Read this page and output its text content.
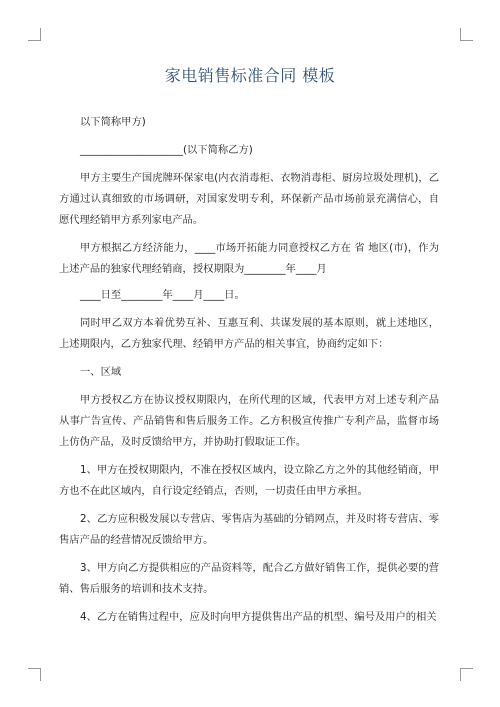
家电销售标准合同 模板

以下简称甲方)

____________________(以下简称乙方)

甲方主要生产国虎牌环保家电(内衣消毒柜、衣物消毒柜、厨房垃圾处理机)，乙方通过认真细致的市场调研，对国家发明专利，环保新产品市场前景充满信心，自愿代理经销甲方系列家电产品。

甲方根据乙方经济能力，____市场开拓能力同意授权乙方在 省 地区(市)，作为上述产品的独家代理经销商，授权期限为________年____月

____日至________年____月____日。

同时甲乙双方本着优势互补、互惠互利、共谋发展的基本原则，就上述地区，上述期限内，乙方独家代理、经销甲方产品的相关事宜，协商约定如下：

一、区域

甲方授权乙方在协议授权期限内，在所代理的区域，代表甲方对上述专利产品从事广告宣传、产品销售和售后服务工作。乙方积极宣传推广专利产品，监督市场上仿伪产品，及时反馈给甲方，并协助打假取证工作。

1、甲方在授权期限内，不准在授权区域内，设立除乙方之外的其他经销商，甲方也不在此区域内，自行设定经销点，否则，一切责任由甲方承担。

2、乙方应积极发展以专营店、零售店为基础的分销网点，并及时将专营店、零售店产品的经营情况反馈给甲方。

3、甲方向乙方提供相应的产品资料等，配合乙方做好销售工作，提供必要的营销、售后服务的培训和技术支持。

4、乙方在销售过程中，应及时向甲方提供售出产品的机型、编号及用户的相关
